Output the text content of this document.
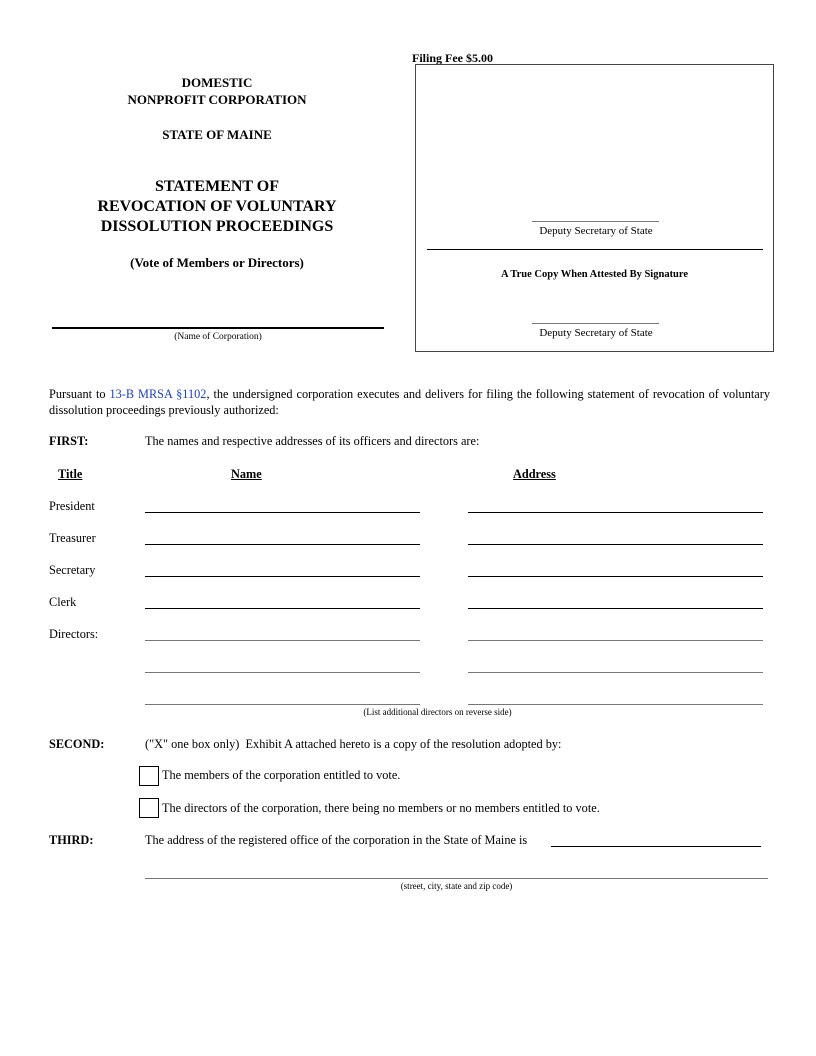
Filing Fee $5.00
DOMESTIC
NONPROFIT CORPORATION
STATE OF MAINE
STATEMENT OF
REVOCATION OF VOLUNTARY
DISSOLUTION PROCEEDINGS
(Vote of Members or Directors)
(Name of Corporation)
Deputy Secretary of State
A True Copy When Attested By Signature
Deputy Secretary of State
Pursuant to 13-B MRSA §1102, the undersigned corporation executes and delivers for filing the following statement of revocation of voluntary dissolution proceedings previously authorized:
FIRST:	The names and respective addresses of its officers and directors are:
Title	Name	Address
President
Treasurer
Secretary
Clerk
Directors:
(List additional directors on reverse side)
SECOND:	("X" one box only)  Exhibit A attached hereto is a copy of the resolution adopted by:
The members of the corporation entitled to vote.
The directors of the corporation, there being no members or no members entitled to vote.
THIRD:	The address of the registered office of the corporation in the State of Maine is
(street, city, state and zip code)
